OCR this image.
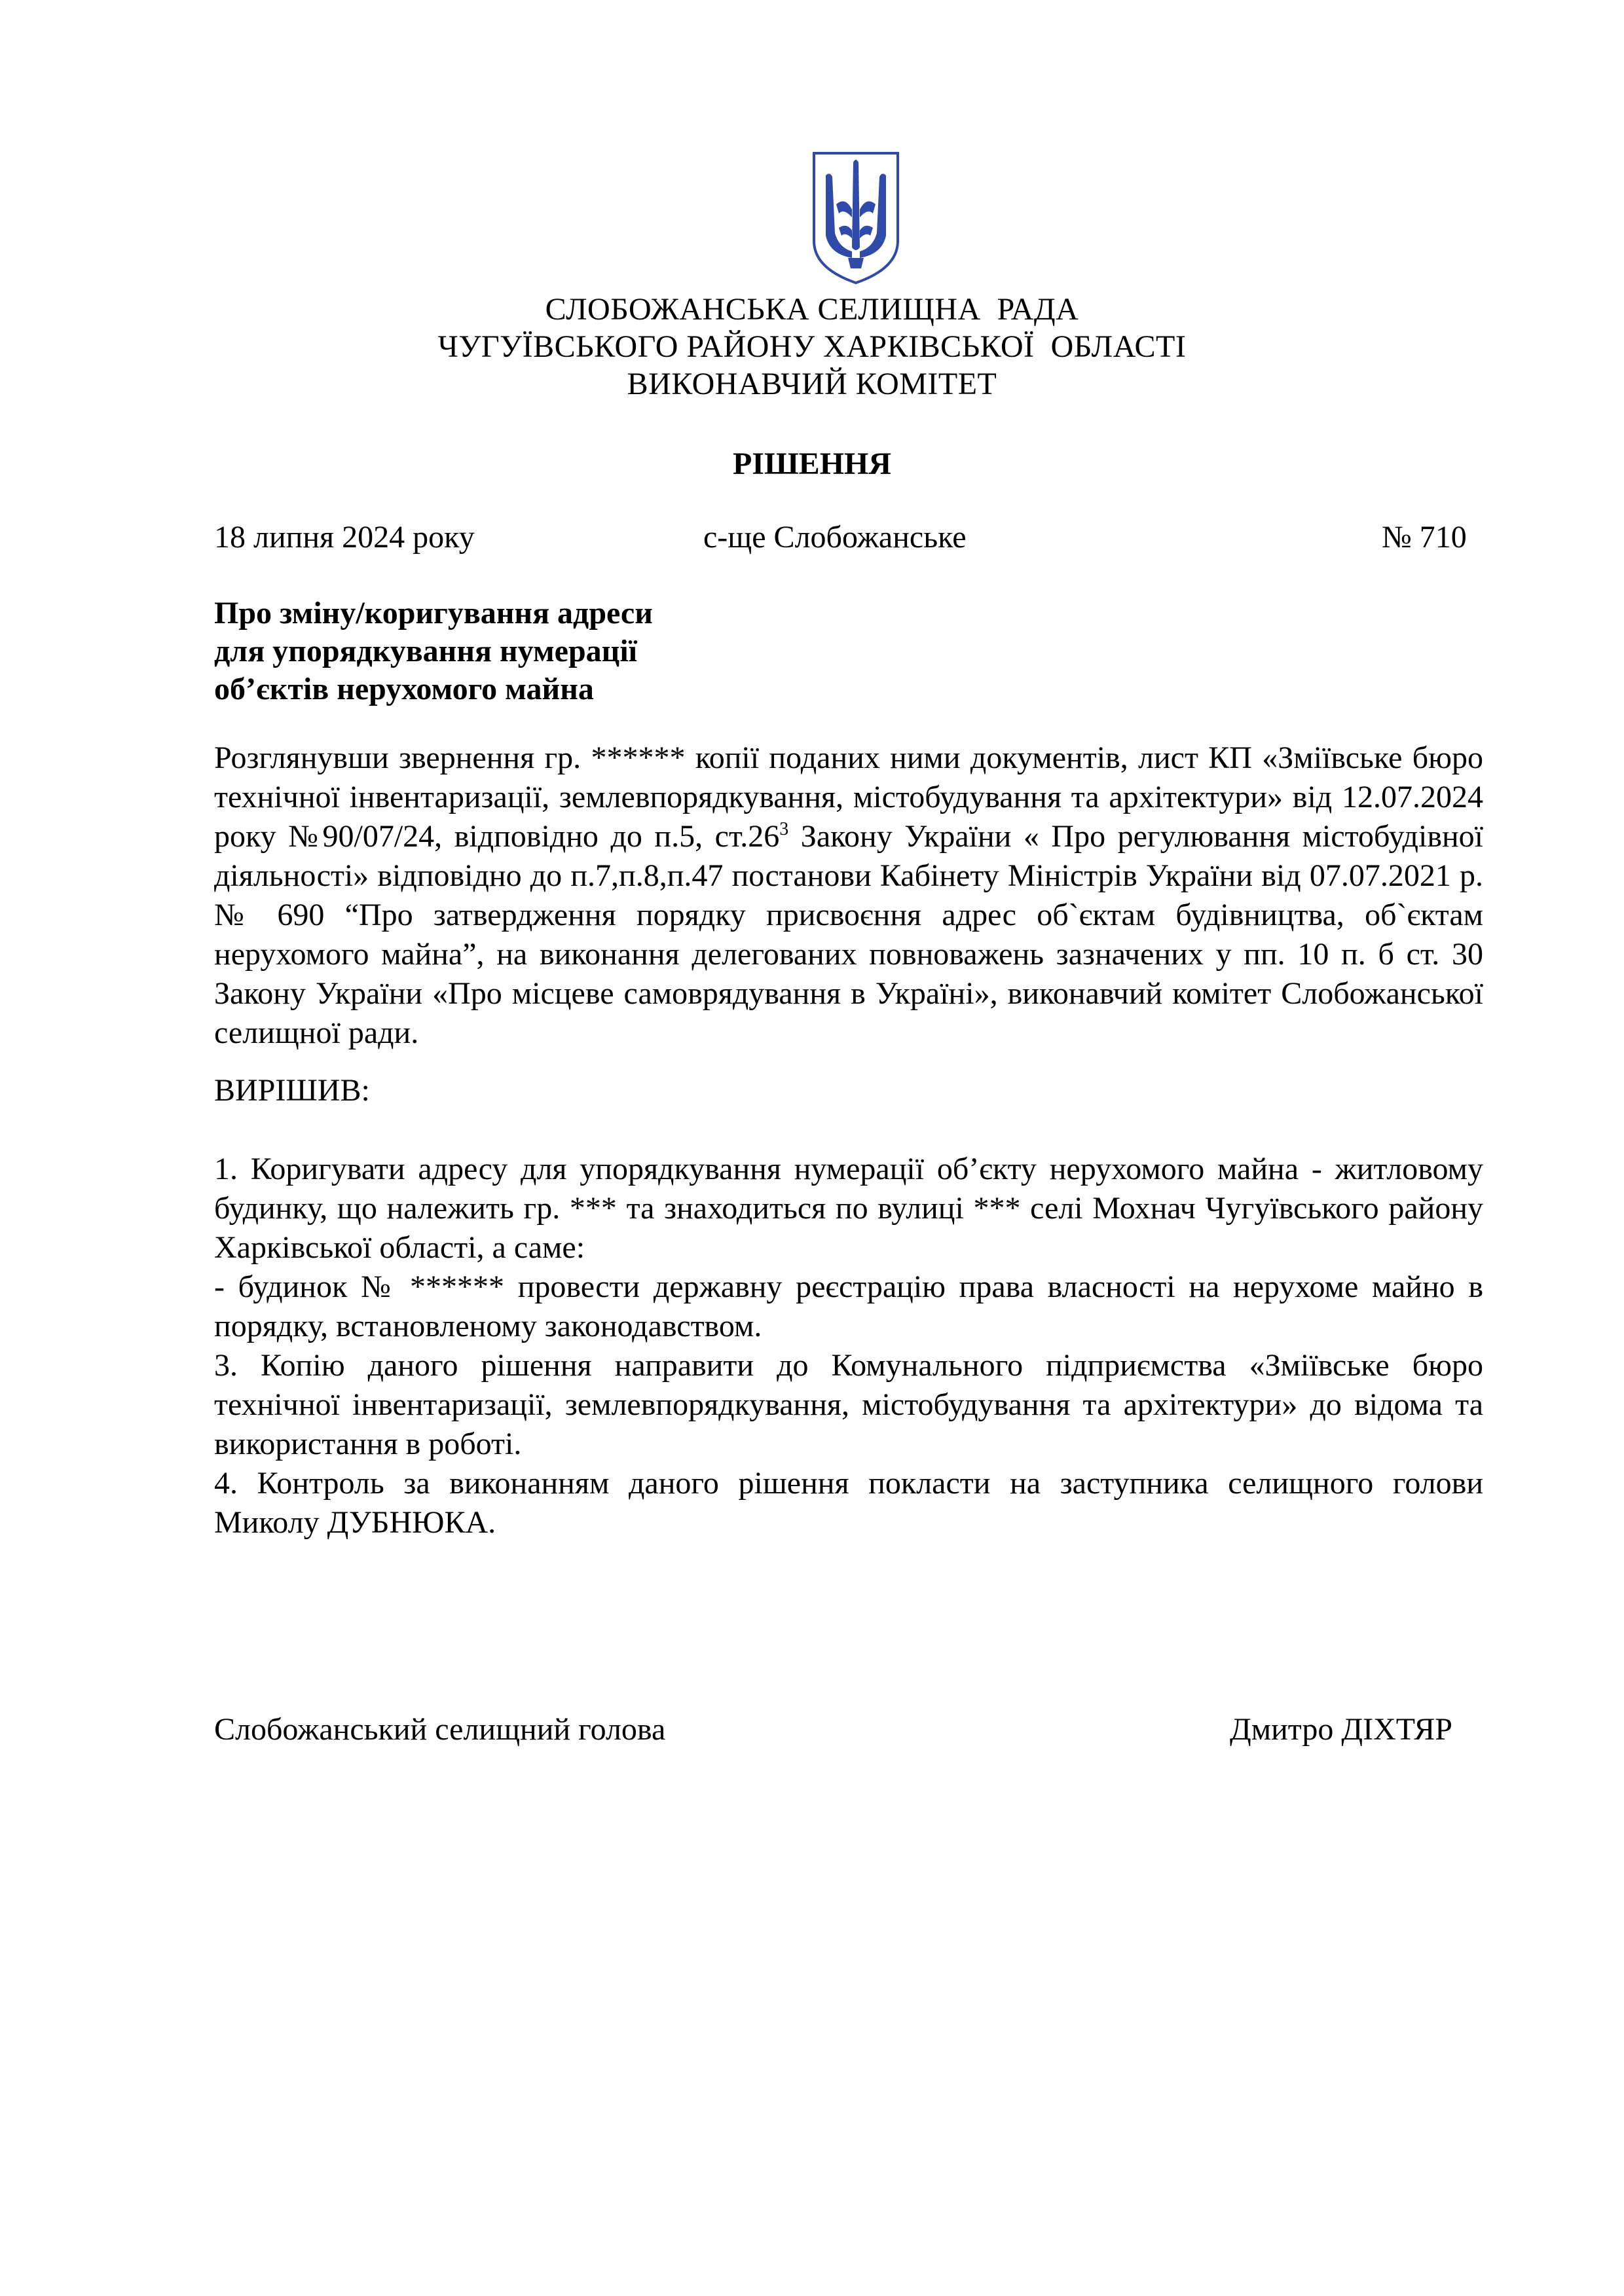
СЛОБОЖАНСЬКА СЕЛИЩНА  РАДА
ЧУГУЇВСЬКОГО РАЙОНУ ХАРКІВСЬКОЇ  ОБЛАСТІ
ВИКОНАВЧИЙ КОМІТЕТ
РІШЕННЯ
18 липня 2024 року	с-ще Слобожанське	№ 710
Про зміну/коригування адреси
для упорядкування нумерації
об’єктів нерухомого майна
Розглянувши звернення гр. ****** копії поданих ними документів, лист КП «Зміївське бюро
технічної інвентаризації, землевпорядкування, містобудування та архітектури» від 12.07.2024
року №90/07/24, відповідно до п.5, $ст.26^3$ Закону України « Про регулювання містобудівної
діяльності» відповідно до п.7,п.8,п.47 постанови Кабінету Міністрів України від 07.07.2021 р.
№ 690 “Про затвердження порядку присвоєння адрес об`єктам будівництва, об`єктам
нерухомого майна”, на виконання делегованих повноважень зазначених у пп. 10 п. б ст. 30
Закону України «Про місцеве самоврядування в Україні», виконавчий комітет Слобожанської
селищної ради.
ВИРІШИВ:
1. Коригувати адресу для упорядкування нумерації об’єкту нерухомого майна - житловому
будинку, що належить гр. *** та знаходиться по вулиці *** селі Мохнач Чугуївського району
Харківської області, а саме:
- будинок № ****** провести державну реєстрацію права власності на нерухоме майно в
порядку, встановленому законодавством.
3. Копію даного рішення направити до Комунального підприємства «Зміївське бюро
технічної інвентаризації, землевпорядкування, містобудування та архітектури» до відома та
використання в роботі.
4. Контроль за виконанням даного рішення покласти на заступника селищного голови
Миколу ДУБНЮКА.
Слобожанський селищний голова	Дмитро ДІХТЯР
